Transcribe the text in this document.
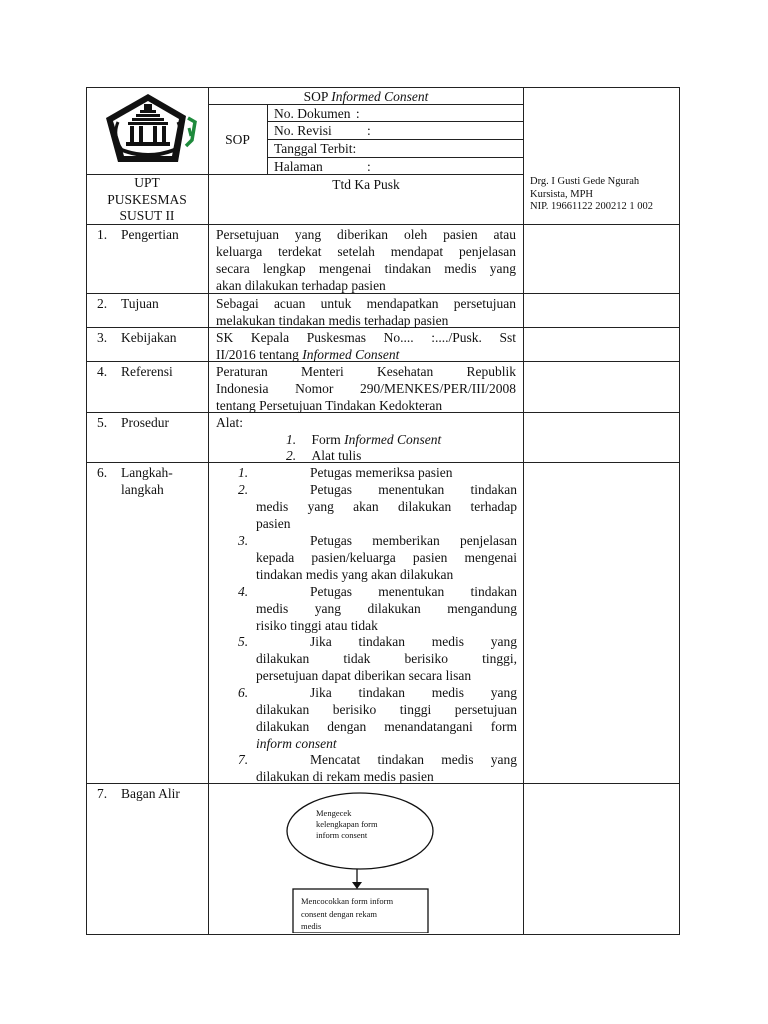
SOP Informed Consent
SOP
No. Dokumen :
No. Revisi	:
Tanggal Terbit:
Halaman	:
UPT
PUSKESMAS
SUSUT II
Ttd Ka Pusk	Drg. I Gusti Gede Ngurah
Kursista, MPH
NIP. 19661122 200212 1 002
1. Pengertian	Persetujuan yang diberikan oleh pasien atau
keluarga terdekat setelah mendapat penjelasan
secara lengkap mengenai tindakan medis yang
akan dilakukan terhadap pasien
2. Tujuan	Sebagai acuan untuk mendapatkan persetujuan
melakukan tindakan medis terhadap pasien
3. Kebijakan	SK Kepala Puskesmas No.... :..../Pusk. Sst
II/2016 tentang Informed Consent
4. Referensi	Peraturan Menteri Kesehatan Republik
Indonesia Nomor 290/MENKES/PER/III/2008
tentang Persetujuan Tindakan Kedokteran
5. Prosedur	Alat:
1. Form Informed Consent
2. Alat tulis
6. Langkah-
langkah
1.	Petugas memeriksa pasien
2.	Petugas menentukan tindakan
medis yang akan dilakukan terhadap
pasien
3.	Petugas memberikan penjelasan
kepada pasien/keluarga pasien mengenai
tindakan medis yang akan dilakukan
4.	Petugas menentukan tindakan
medis yang dilakukan mengandung
risiko tinggi atau tidak
5.	Jika tindakan medis yang
dilakukan tidak berisiko tinggi,
persetujuan dapat diberikan secara lisan
6.	Jika tindakan medis yang
dilakukan berisiko tinggi persetujuan
dilakukan dengan menandatangani form
inform consent
7.	Mencatat tindakan medis yang
dilakukan di rekam medis pasien
7. Bagan Alir
Mengecek
kelengkapan form
inform consent
Mencocokkan form inform
consent dengan rekam
medis
